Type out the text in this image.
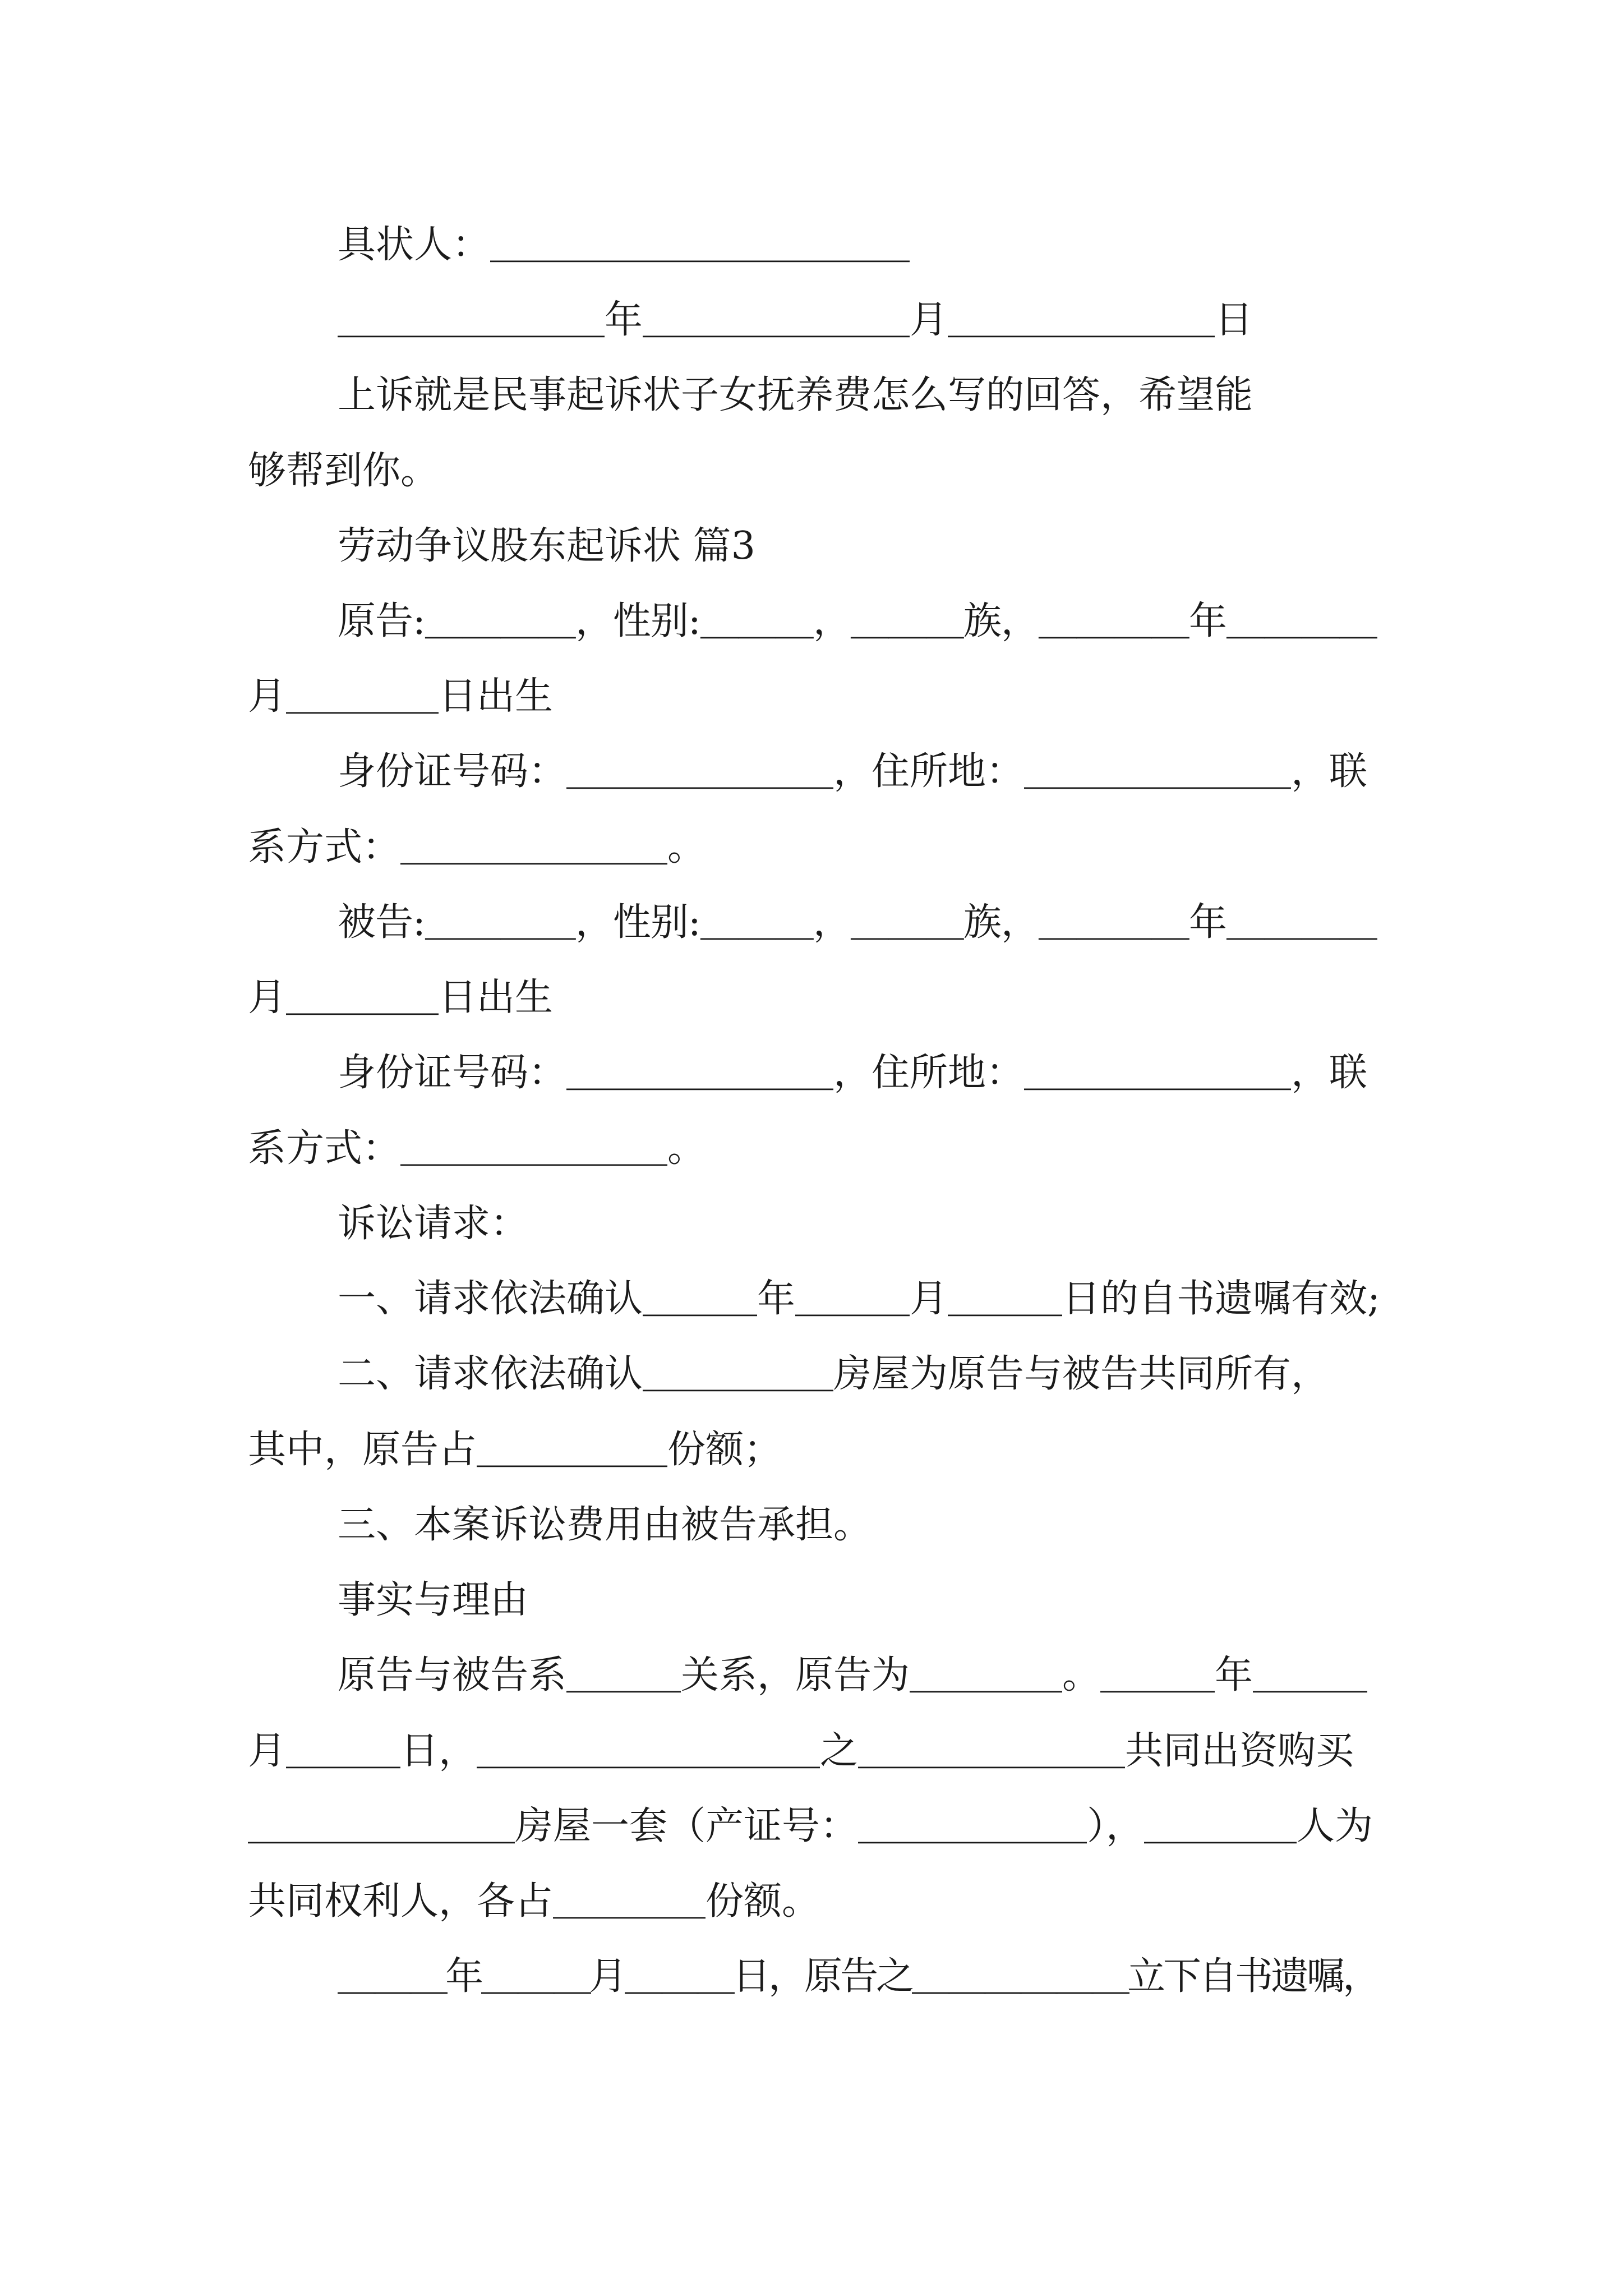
具状人：＿＿＿＿＿＿＿＿＿＿＿
＿＿＿＿＿＿＿年＿＿＿＿＿＿＿月＿＿＿＿＿＿＿日
上诉就是民事起诉状子女抚养费怎么写的回答，希望能
够帮到你。
劳动争议股东起诉状 篇3
原告:＿＿＿＿，性别:＿＿＿，＿＿＿族，＿＿＿＿年＿＿＿＿
月＿＿＿＿日出生
身份证号码：＿＿＿＿＿＿＿，住所地：＿＿＿＿＿＿＿，联
系方式：＿＿＿＿＿＿＿。
被告:＿＿＿＿，性别:＿＿＿，＿＿＿族，＿＿＿＿年＿＿＿＿
月＿＿＿＿日出生
身份证号码：＿＿＿＿＿＿＿，住所地：＿＿＿＿＿＿＿，联
系方式：＿＿＿＿＿＿＿。
诉讼请求：
一、请求依法确认＿＿＿年＿＿＿月＿＿＿日的自书遗嘱有效;
二、请求依法确认＿＿＿＿＿房屋为原告与被告共同所有，
其中，原告占＿＿＿＿＿份额；
三、本案诉讼费用由被告承担。
事实与理由
原告与被告系＿＿＿关系，原告为＿＿＿＿。＿＿＿年＿＿＿
月＿＿＿日，＿＿＿＿＿＿＿＿＿之＿＿＿＿＿＿＿共同出资购买
＿＿＿＿＿＿＿房屋一套（产证号：＿＿＿＿＿＿），＿＿＿＿人为
共同权利人，各占＿＿＿＿份额。
＿＿＿年＿＿＿月＿＿＿日，原告之＿＿＿＿＿＿立下自书遗嘱，
